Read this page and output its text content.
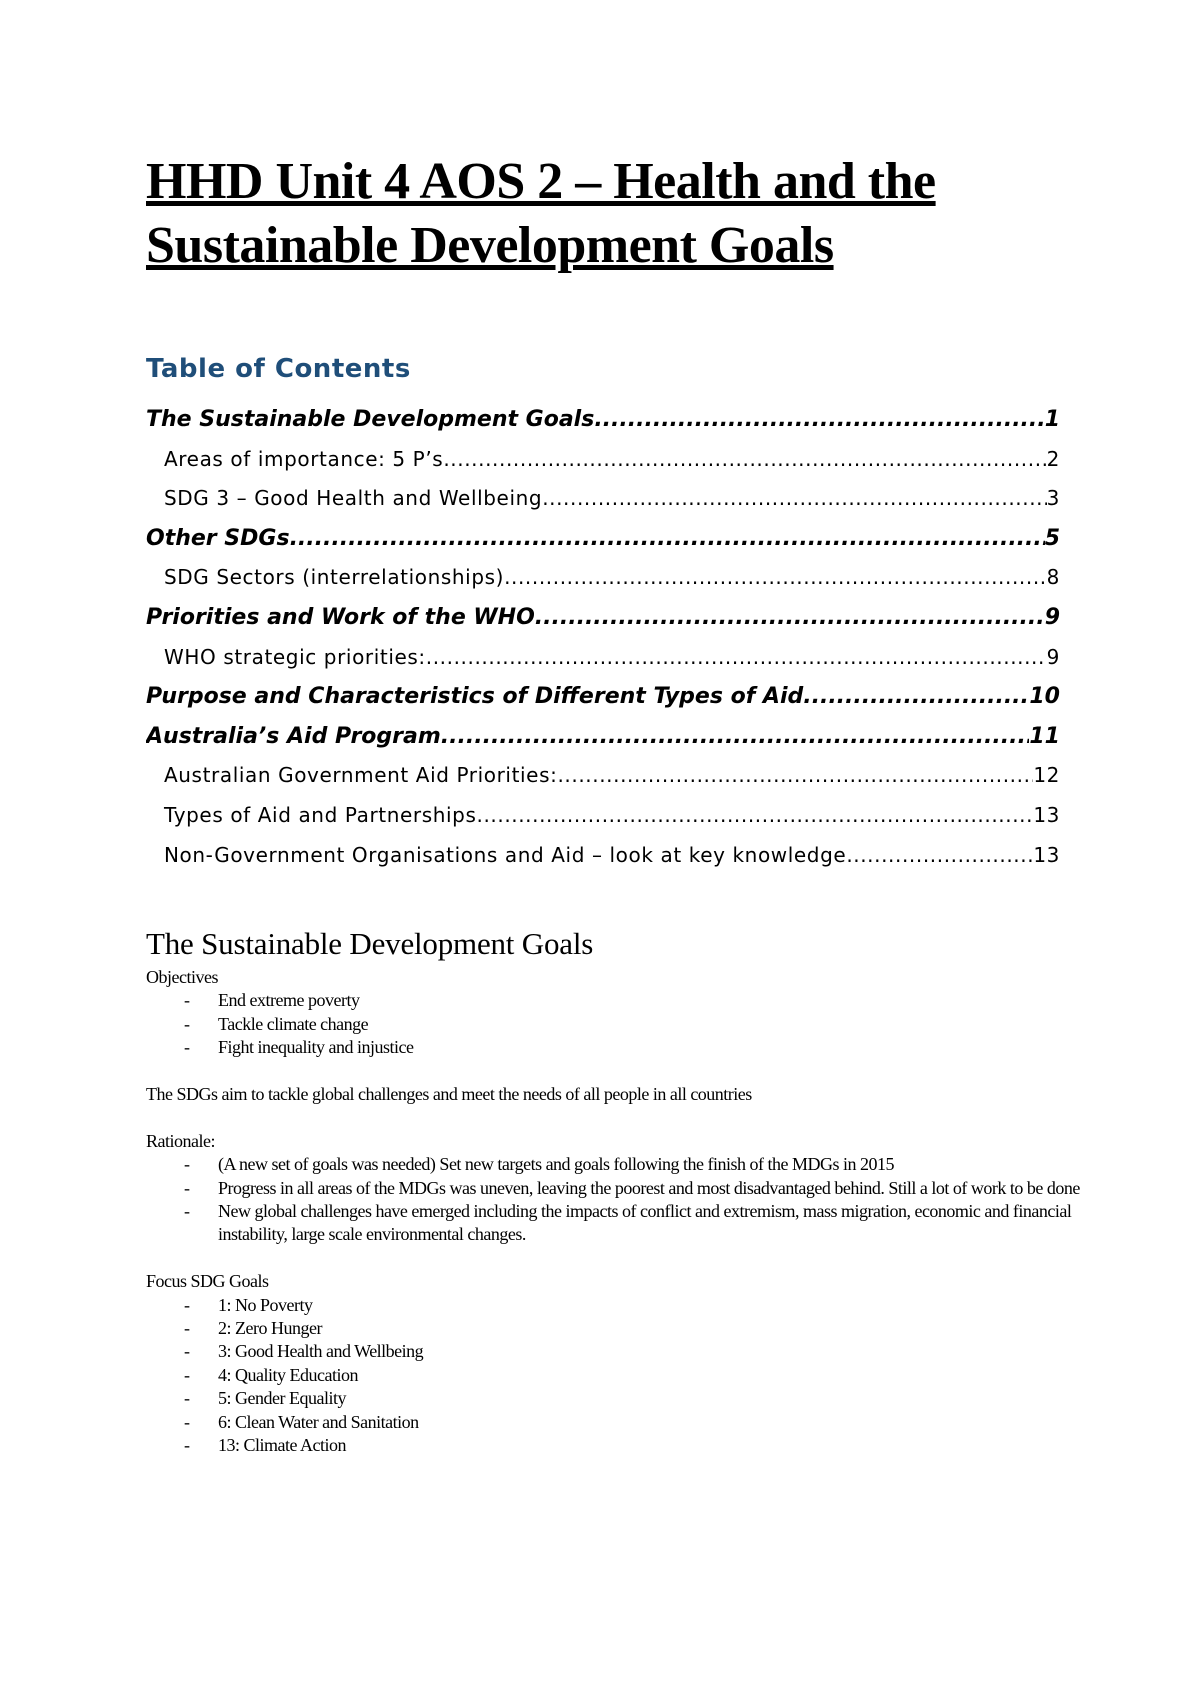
HHD Unit 4 AOS 2 – Health and the Sustainable Development Goals
Table of Contents
The Sustainable Development Goals .....	1
Areas of importance: 5 P’s .....	2
SDG 3 – Good Health and Wellbeing .....	3
Other SDGs .....	5
SDG Sectors (interrelationships) .....	8
Priorities and Work of the WHO .....	9
WHO strategic priorities: .....	9
Purpose and Characteristics of Different Types of Aid .....	10
Australia’s Aid Program .....	11
Australian Government Aid Priorities: .....	12
Types of Aid and Partnerships .....	13
Non-Government Organisations and Aid – look at key knowledge .....	13
The Sustainable Development Goals

Objectives

- End extreme poverty
- Tackle climate change
- Fight inequality and injustice

The SDGs aim to tackle global challenges and meet the needs of all people in all countries

Rationale:

- (A new set of goals was needed) Set new targets and goals following the finish of the MDGs in 2015
- Progress in all areas of the MDGs was uneven, leaving the poorest and most disadvantaged behind. Still a lot of work to be done
- New global challenges have emerged including the impacts of conflict and extremism, mass migration, economic and financial instability, large scale environmental changes.

Focus SDG Goals

- 1: No Poverty
- 2: Zero Hunger
- 3: Good Health and Wellbeing
- 4: Quality Education
- 5: Gender Equality
- 6: Clean Water and Sanitation
- 13: Climate Action
